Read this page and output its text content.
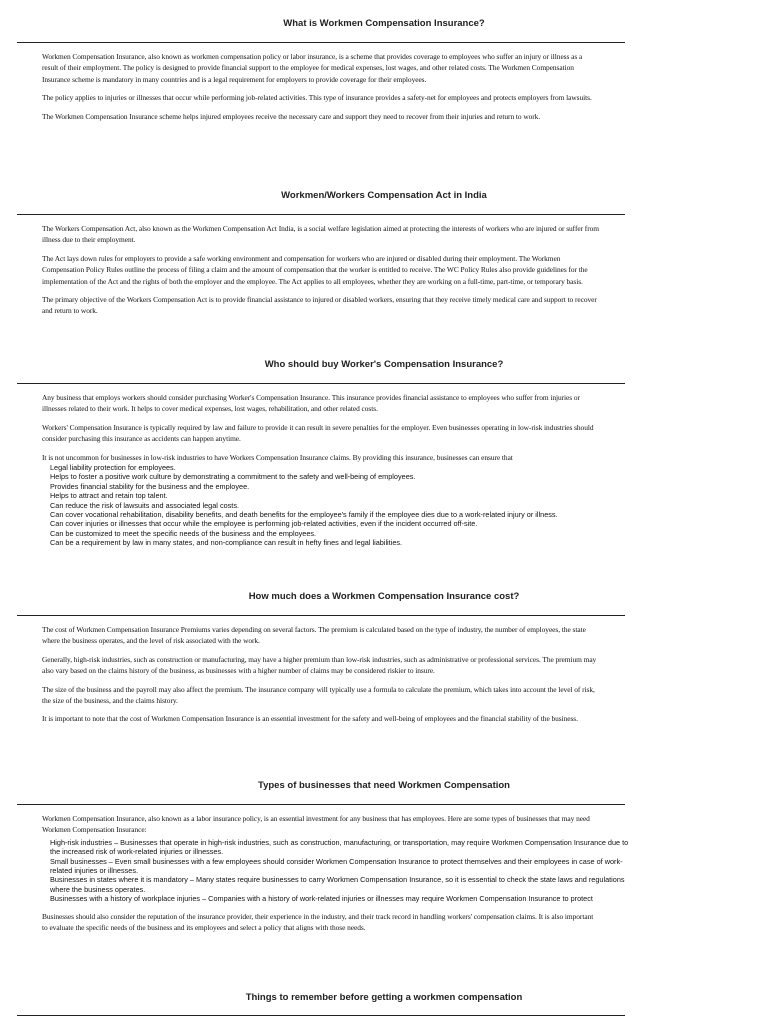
What is Workmen Compensation Insurance?

Workmen Compensation Insurance, also known as workmen compensation policy or labor insurance, is a scheme that provides coverage to employees who suffer an injury or illness as a result of their employment. The policy is designed to provide financial support to the employee for medical expenses, lost wages, and other related costs. The Workmen Compensation Insurance scheme is mandatory in many countries and is a legal requirement for employers to provide coverage for their employees.

The policy applies to injuries or illnesses that occur while performing job-related activities. This type of insurance provides a safety-net for employees and protects employers from lawsuits.

The Workmen Compensation Insurance scheme helps injured employees receive the necessary care and support they need to recover from their injuries and return to work.

Workmen/Workers Compensation Act in India

The Workers Compensation Act, also known as the Workmen Compensation Act India, is a social welfare legislation aimed at protecting the interests of workers who are injured or suffer from illness due to their employment.

The Act lays down rules for employers to provide a safe working environment and compensation for workers who are injured or disabled during their employment. The Workmen Compensation Policy Rules outline the process of filing a claim and the amount of compensation that the worker is entitled to receive. The WC Policy Rules also provide guidelines for the implementation of the Act and the rights of both the employer and the employee. The Act applies to all employees, whether they are working on a full-time, part-time, or temporary basis.

The primary objective of the Workers Compensation Act is to provide financial assistance to injured or disabled workers, ensuring that they receive timely medical care and support to recover and return to work.

Who should buy Worker's Compensation Insurance?

Any business that employs workers should consider purchasing Worker's Compensation Insurance. This insurance provides financial assistance to employees who suffer from injuries or illnesses related to their work. It helps to cover medical expenses, lost wages, rehabilitation, and other related costs.

Workers' Compensation Insurance is typically required by law and failure to provide it can result in severe penalties for the employer. Even businesses operating in low-risk industries should consider purchasing this insurance as accidents can happen anytime.

It is not uncommon for businesses in low-risk industries to have Workers Compensation Insurance claims. By providing this insurance, businesses can ensure that

Legal liability protection for employees.
Helps to foster a positive work culture by demonstrating a commitment to the safety and well-being of employees.
Provides financial stability for the business and the employee.
Helps to attract and retain top talent.
Can reduce the risk of lawsuits and associated legal costs.
Can cover vocational rehabilitation, disability benefits, and death benefits for the employee's family if the employee dies due to a work-related injury or illness.
Can cover injuries or illnesses that occur while the employee is performing job-related activities, even if the incident occurred off-site.
Can be customized to meet the specific needs of the business and the employees.
Can be a requirement by law in many states, and non-compliance can result in hefty fines and legal liabilities.
How much does a Workmen Compensation Insurance cost?

The cost of Workmen Compensation Insurance Premiums varies depending on several factors. The premium is calculated based on the type of industry, the number of employees, the state where the business operates, and the level of risk associated with the work.

Generally, high-risk industries, such as construction or manufacturing, may have a higher premium than low-risk industries, such as administrative or professional services. The premium may also vary based on the claims history of the business, as businesses with a higher number of claims may be considered riskier to insure.

The size of the business and the payroll may also affect the premium. The insurance company will typically use a formula to calculate the premium, which takes into account the level of risk, the size of the business, and the claims history.

It is important to note that the cost of Workmen Compensation Insurance is an essential investment for the safety and well-being of employees and the financial stability of the business.

Types of businesses that need Workmen Compensation

Workmen Compensation Insurance, also known as a labor insurance policy, is an essential investment for any business that has employees. Here are some types of businesses that may need Workmen Compensation Insurance:

High-risk industries – Businesses that operate in high-risk industries, such as construction, manufacturing, or transportation, may require Workmen Compensation Insurance due to the increased risk of work-related injuries or illnesses.
Small businesses – Even small businesses with a few employees should consider Workmen Compensation Insurance to protect themselves and their employees in case of work-related injuries or illnesses.
Businesses in states where it is mandatory – Many states require businesses to carry Workmen Compensation Insurance, so it is essential to check the state laws and regulations where the business operates.
Businesses with a history of workplace injuries – Companies with a history of work-related injuries or illnesses may require Workmen Compensation Insurance to protect

Businesses should also consider the reputation of the insurance provider, their experience in the industry, and their track record in handling workers' compensation claims. It is also important to evaluate the specific needs of the business and its employees and select a policy that aligns with those needs.

Things to remember before getting a workmen compensation
